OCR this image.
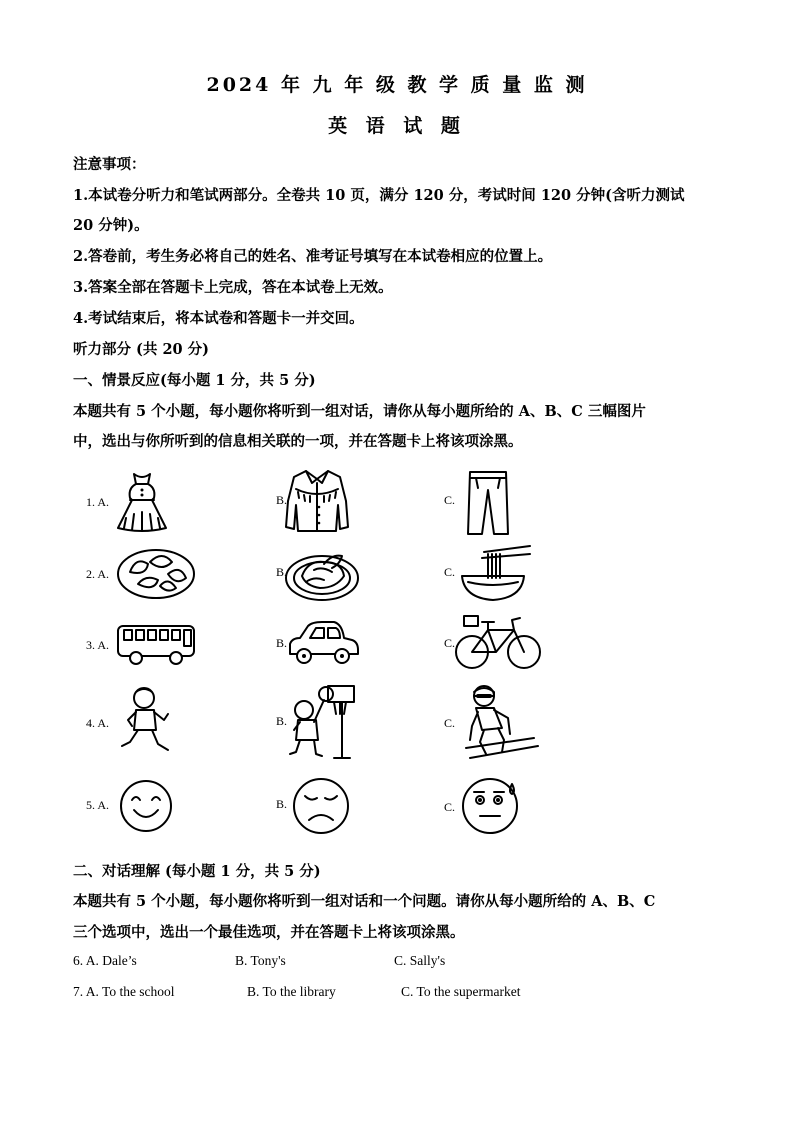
2024 年 九 年 级 教 学 质 量 监 测
英 语 试 题
注意事项：
1.本试卷分听力和笔试两部分。全卷共 10 页，满分 120 分，考试时间 120 分钟(含听力测试
20 分钟)。
2.答卷前，考生务必将自己的姓名、准考证号填写在本试卷相应的位置上。
3.答案全部在答题卡上完成，答在本试卷上无效。
4.考试结束后，将本试卷和答题卡一并交回。
听力部分 (共 20 分)
一、情景反应(每小题 1 分，共 5 分)
本题共有 5 个小题，每小题你将听到一组对话，请你从每小题所给的 A、B、C 三幅图片
中，选出与你所听到的信息相关联的一项，并在答题卡上将该项涂黑。
1. A.	B.	C.
2. A.	B.	C.
3. A.	B.	C.
4. A.	B.	C.
5. A.	B.	C.
二、对话理解 (每小题 1 分，共 5 分)
本题共有 5 个小题，每小题你将听到一组对话和一个问题。请你从每小题所给的 A、B、C
三个选项中，选出一个最佳选项，并在答题卡上将该项涂黑。
6. A. Dale’s	B. Tony's	C. Sally's
7. A. To the school	B. To the library	C. To the supermarket
